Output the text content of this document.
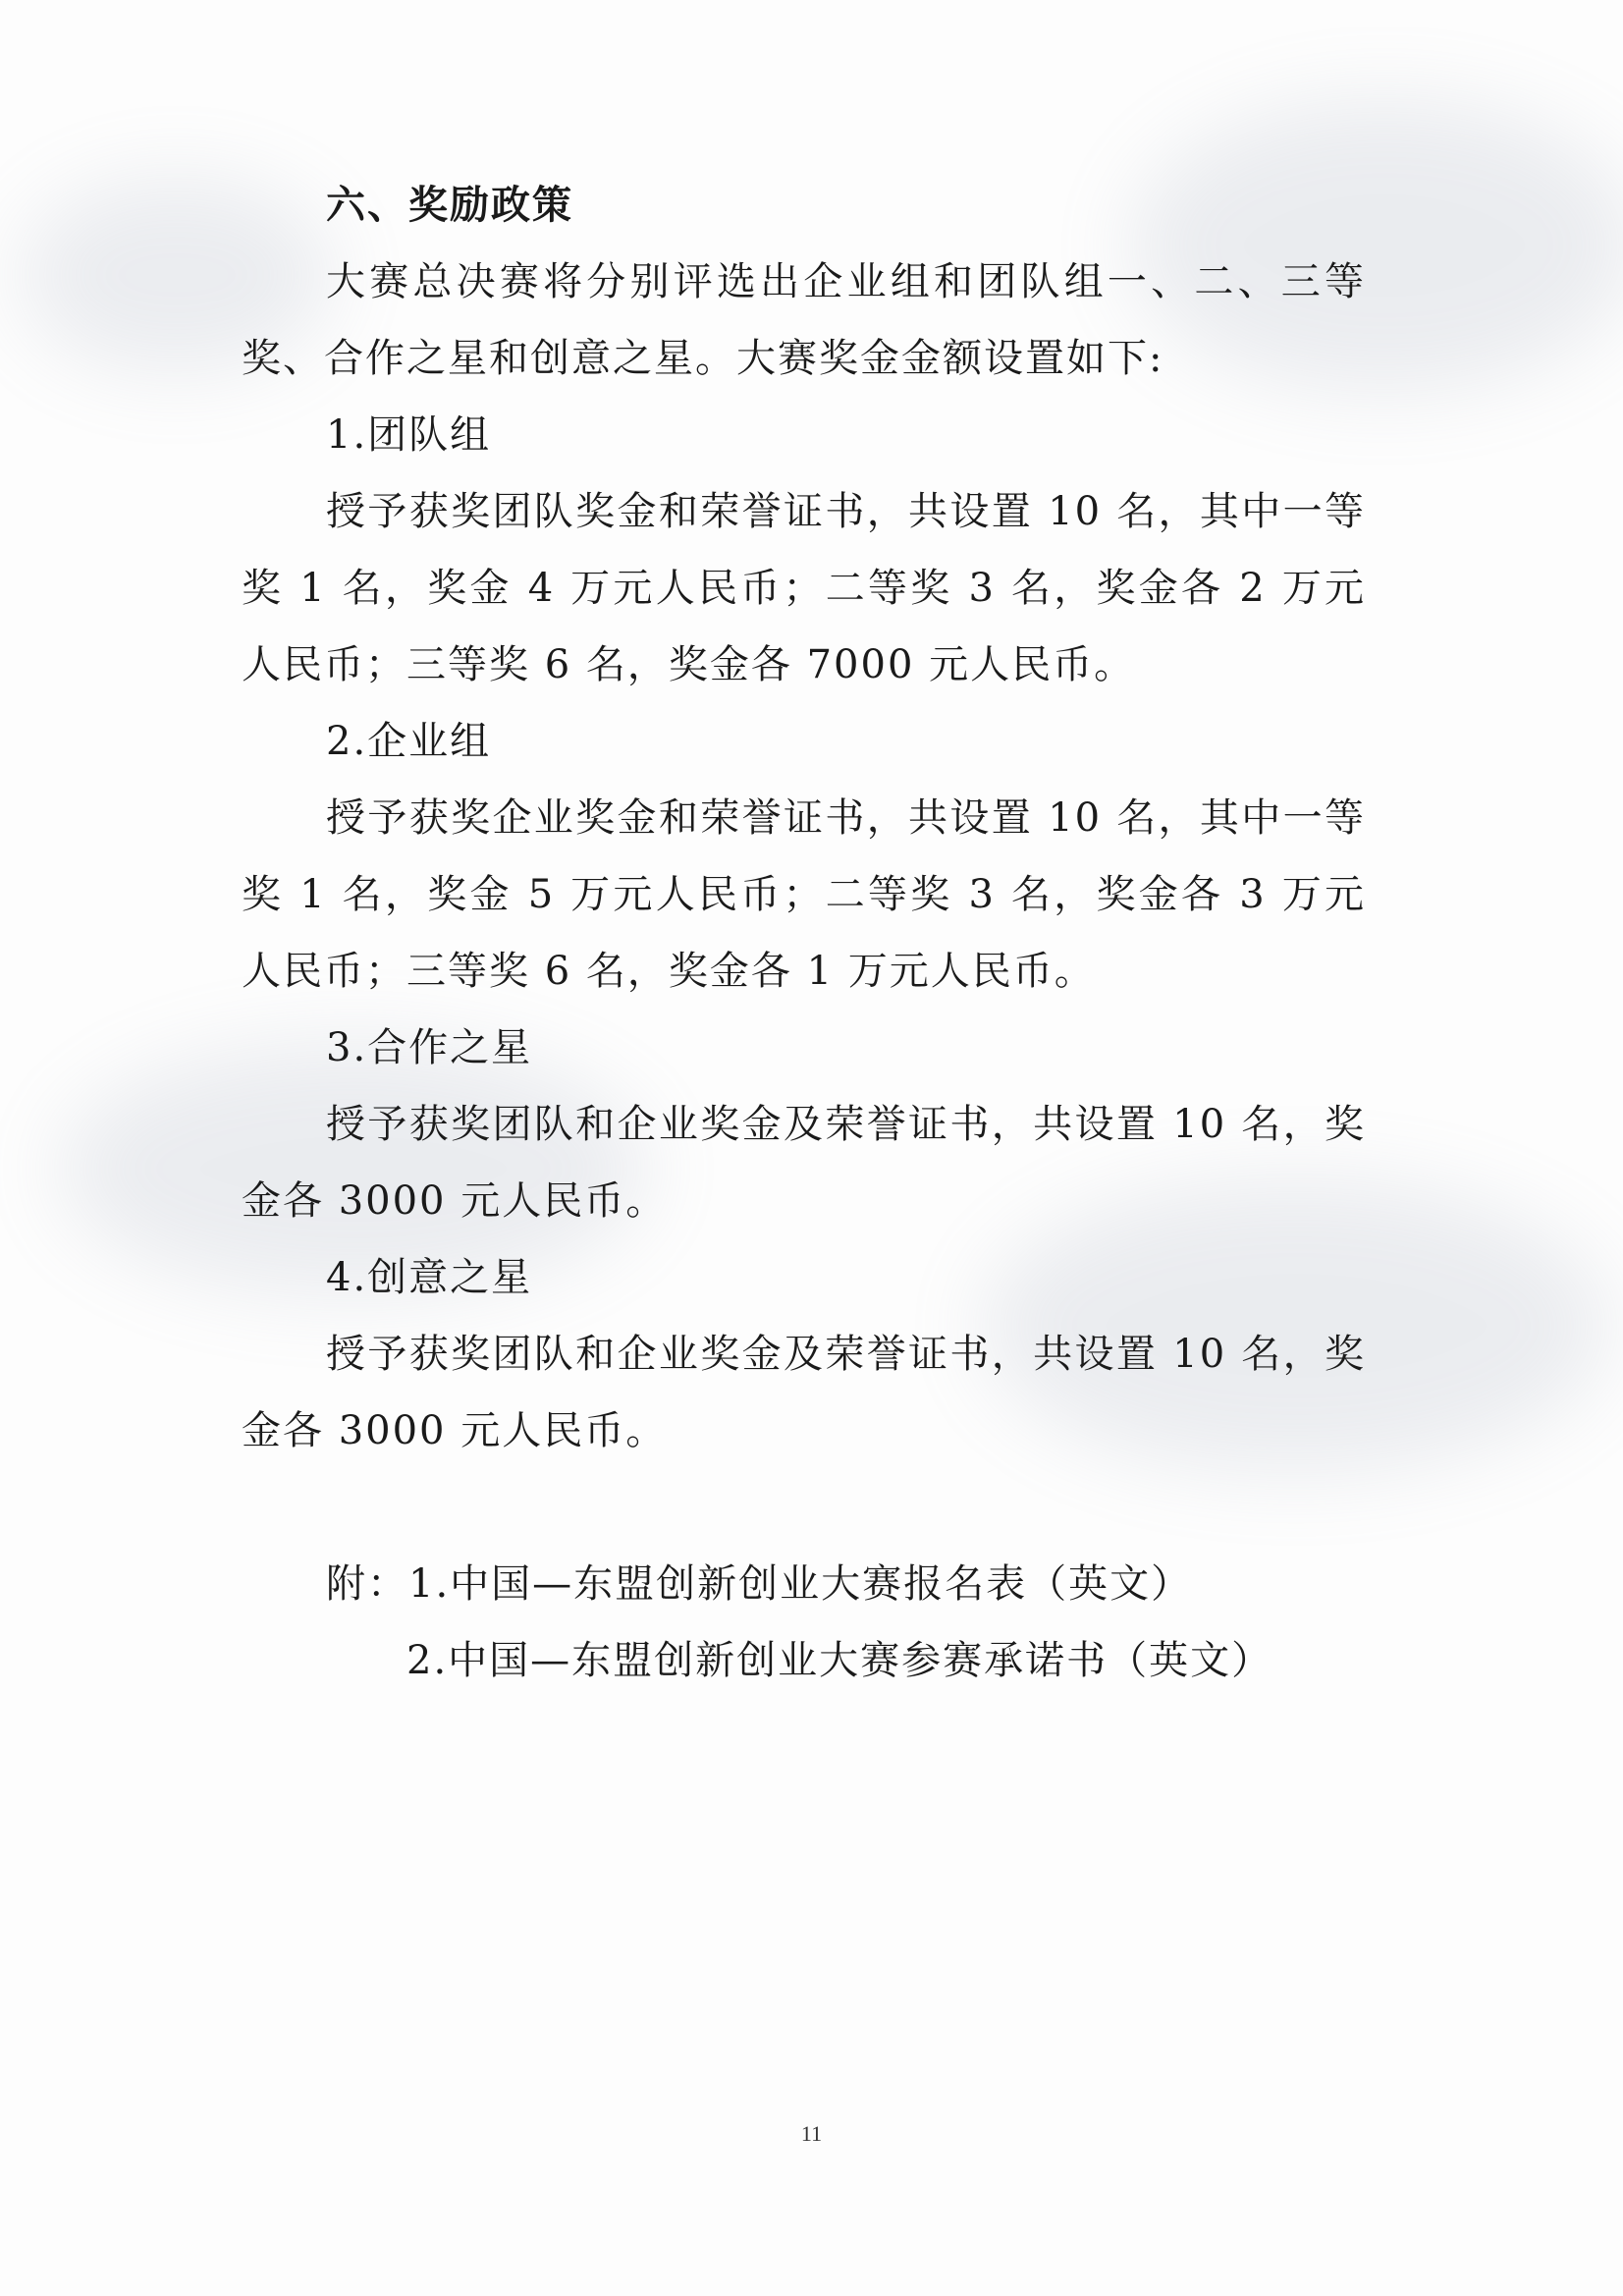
六、奖励政策

大赛总决赛将分别评选出企业组和团队组一、二、三等奖、合作之星和创意之星。大赛奖金金额设置如下:

1.团队组

授予获奖团队奖金和荣誉证书，共设置 10 名，其中一等奖 1 名，奖金 4 万元人民币；二等奖 3 名，奖金各 2 万元人民币；三等奖 6 名，奖金各 7000 元人民币。

2.企业组

授予获奖企业奖金和荣誉证书，共设置 10 名，其中一等奖 1 名，奖金 5 万元人民币；二等奖 3 名，奖金各 3 万元人民币；三等奖 6 名，奖金各 1 万元人民币。

3.合作之星

授予获奖团队和企业奖金及荣誉证书，共设置 10 名，奖金各 3000 元人民币。

4.创意之星

授予获奖团队和企业奖金及荣誉证书，共设置 10 名，奖金各 3000 元人民币。

附：1.中国—东盟创新创业大赛报名表（英文）

2.中国—东盟创新创业大赛参赛承诺书（英文）

11
